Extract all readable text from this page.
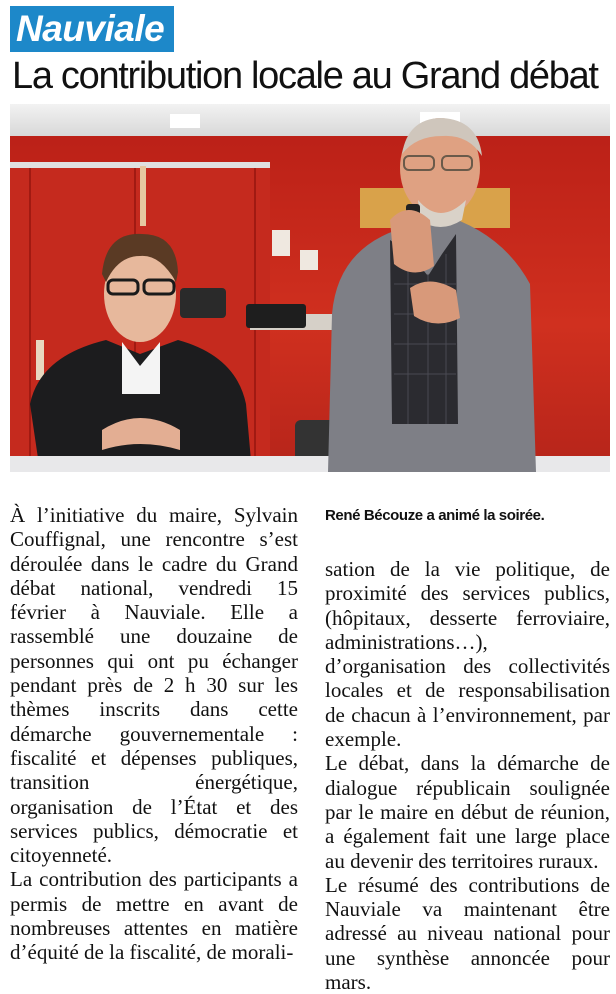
Nauviale
La contribution locale au Grand débat
René Bécouze a animé la soirée.

À l’initiative du maire, Sylvain Couffignal, une rencontre s’est déroulée dans le cadre du Grand débat national, vendredi 15 février à Nauviale. Elle a rassemblé une douzaine de personnes qui ont pu échanger pendant près de 2 h 30 sur les thèmes inscrits dans cette démarche gouvernementale : fiscalité et dépenses publiques, transition énergétique, organisation de l’État et des services publics, démocratie et citoyenneté.

La contribution des participants a permis de mettre en avant de nombreuses attentes en matière d’équité de la fiscalité, de morali-

sation de la vie politique, de proximité des services publics, (hôpitaux, desserte ferroviaire, administrations…), d’organisation des collectivités locales et de responsabilisation de chacun à l’environnement, par exemple.

Le débat, dans la démarche de dialogue républicain soulignée par le maire en début de réunion, a également fait une large place au devenir des territoires ruraux.

Le résumé des contributions de Nauviale va maintenant être adressé au niveau national pour une synthèse annoncée pour mars.
